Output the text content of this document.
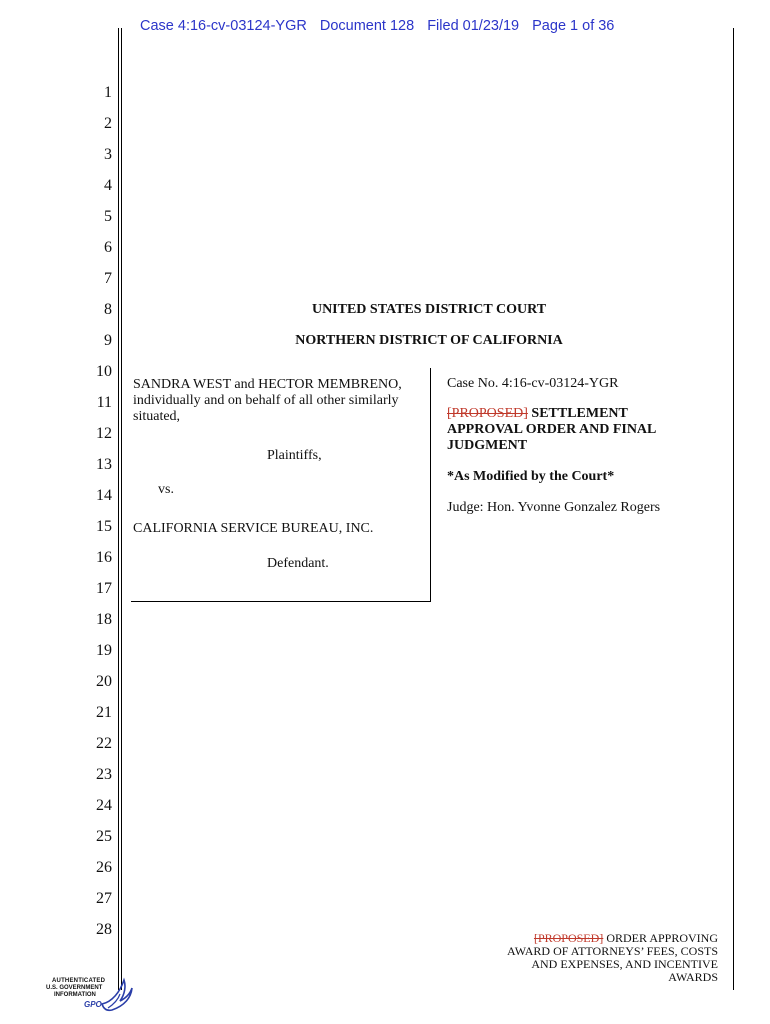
Case 4:16-cv-03124-YGR Document 128 Filed 01/23/19 Page 1 of 36
1
2
3
4
5
6
7
8
9
10
11
12
13
14
15
16
17
18
19
20
21
22
23
24
25
26
27
28
UNITED STATES DISTRICT COURT
NORTHERN DISTRICT OF CALIFORNIA
SANDRA WEST and HECTOR MEMBRENO,
individually and on behalf of all other similarly
situated,
Plaintiffs,
vs.
CALIFORNIA SERVICE BUREAU, INC.
Defendant.
Case No. 4:16-cv-03124-YGR
[PROPOSED] SETTLEMENT
APPROVAL ORDER AND FINAL
JUDGMENT
*As Modified by the Court*
Judge: Hon. Yvonne Gonzalez Rogers
[PROPOSED] ORDER APPROVING
AWARD OF ATTORNEYS’ FEES, COSTS
AND EXPENSES, AND INCENTIVE
AWARDS
AUTHENTICATED
U.S. GOVERNMENT
INFORMATION
GPO
